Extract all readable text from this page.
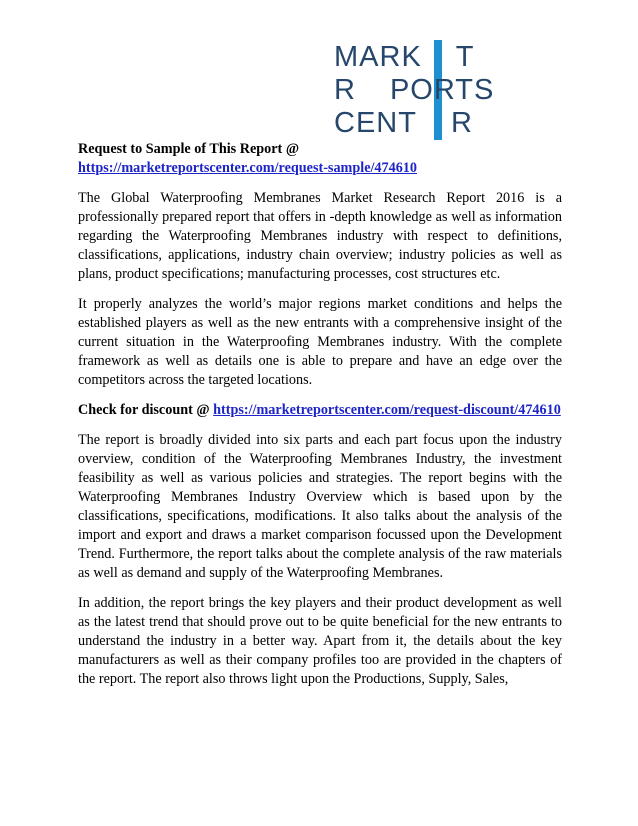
MARK T
R PORTS
CENT R

Request to Sample of This Report @

https://marketreportscenter.com/request-sample/474610

The Global Waterproofing Membranes Market Research Report 2016 is a professionally prepared report that offers in -depth knowledge as well as information regarding the Waterproofing Membranes industry with respect to definitions, classifications, applications, industry chain overview; industry policies as well as plans, product specifications; manufacturing processes, cost structures etc.

It properly analyzes the world’s major regions market conditions and helps the established players as well as the new entrants with a comprehensive insight of the current situation in the Waterproofing Membranes industry. With the complete framework as well as details one is able to prepare and have an edge over the competitors across the targeted locations.

Check for discount @ https://marketreportscenter.com/request-discount/474610

The report is broadly divided into six parts and each part focus upon the industry overview, condition of the Waterproofing Membranes Industry, the investment feasibility as well as various policies and strategies. The report begins with the Waterproofing Membranes Industry Overview which is based upon by the classifications, specifications, modifications. It also talks about the analysis of the import and export and draws a market comparison focussed upon the Development Trend. Furthermore, the report talks about the complete analysis of the raw materials as well as demand and supply of the Waterproofing Membranes.

In addition, the report brings the key players and their product development as well as the latest trend that should prove out to be quite beneficial for the new entrants to understand the industry in a better way. Apart from it, the details about the key manufacturers as well as their company profiles too are provided in the chapters of the report. The report also throws light upon the Productions, Supply, Sales,
